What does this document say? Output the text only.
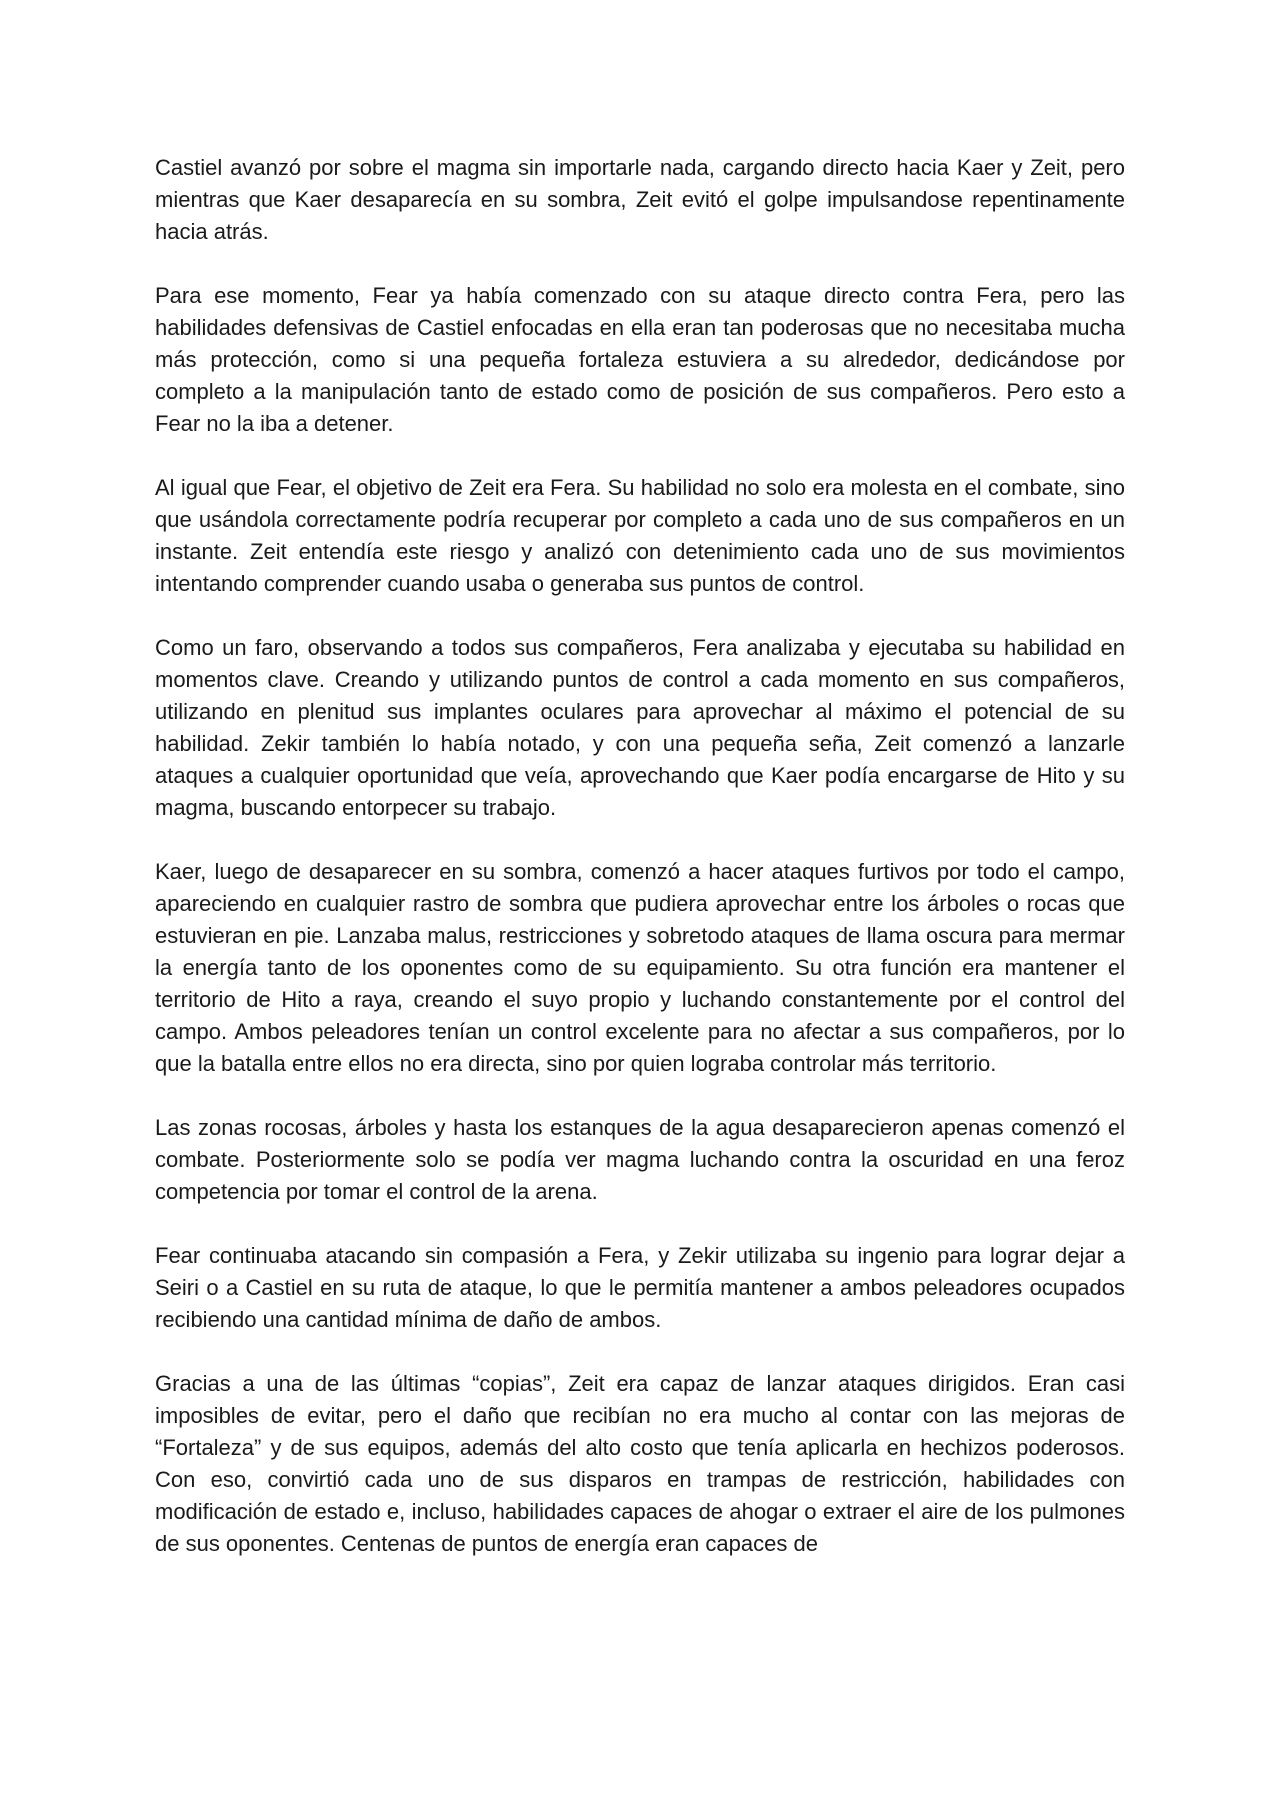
Castiel avanzó por sobre el magma sin importarle nada, cargando directo hacia Kaer y Zeit, pero mientras que Kaer desaparecía en su sombra, Zeit evitó el golpe impulsandose repentinamente hacia atrás.

Para ese momento, Fear ya había comenzado con su ataque directo contra Fera, pero las habilidades defensivas de Castiel enfocadas en ella eran tan poderosas que no necesitaba mucha más protección, como si una pequeña fortaleza estuviera a su alrededor, dedicándose por completo a la manipulación tanto de estado como de posición de sus compañeros. Pero esto a Fear no la iba a detener.

Al igual que Fear, el objetivo de Zeit era Fera. Su habilidad no solo era molesta en el combate, sino que usándola correctamente podría recuperar por completo a cada uno de sus compañeros en un instante. Zeit entendía este riesgo y analizó con detenimiento cada uno de sus movimientos intentando comprender cuando usaba o generaba sus puntos de control.

Como un faro, observando a todos sus compañeros, Fera analizaba y ejecutaba su habilidad en momentos clave. Creando y utilizando puntos de control a cada momento en sus compañeros, utilizando en plenitud sus implantes oculares para aprovechar al máximo el potencial de su habilidad. Zekir también lo había notado, y con una pequeña seña, Zeit comenzó a lanzarle ataques a cualquier oportunidad que veía, aprovechando que Kaer podía encargarse de Hito y su magma, buscando entorpecer su trabajo.

Kaer, luego de desaparecer en su sombra, comenzó a hacer ataques furtivos por todo el campo, apareciendo en cualquier rastro de sombra que pudiera aprovechar entre los árboles o rocas que estuvieran en pie. Lanzaba malus, restricciones y sobretodo ataques de llama oscura para mermar la energía tanto de los oponentes como de su equipamiento. Su otra función era mantener el territorio de Hito a raya, creando el suyo propio y luchando constantemente por el control del campo. Ambos peleadores tenían un control excelente para no afectar a sus compañeros, por lo que la batalla entre ellos no era directa, sino por quien lograba controlar más territorio.

Las zonas rocosas, árboles y hasta los estanques de la agua desaparecieron apenas comenzó el combate. Posteriormente solo se podía ver magma luchando contra la oscuridad en una feroz competencia por tomar el control de la arena.

Fear continuaba atacando sin compasión a Fera, y Zekir utilizaba su ingenio para lograr dejar a Seiri o a Castiel en su ruta de ataque, lo que le permitía mantener a ambos peleadores ocupados recibiendo una cantidad mínima de daño de ambos.

Gracias a una de las últimas “copias”, Zeit era capaz de lanzar ataques dirigidos. Eran casi imposibles de evitar, pero el daño que recibían no era mucho al contar con las mejoras de “Fortaleza” y de sus equipos, además del alto costo que tenía aplicarla en hechizos poderosos. Con eso, convirtió cada uno de sus disparos en trampas de restricción, habilidades con modificación de estado e, incluso, habilidades capaces de ahogar o extraer el aire de los pulmones de sus oponentes. Centenas de puntos de energía eran capaces de
